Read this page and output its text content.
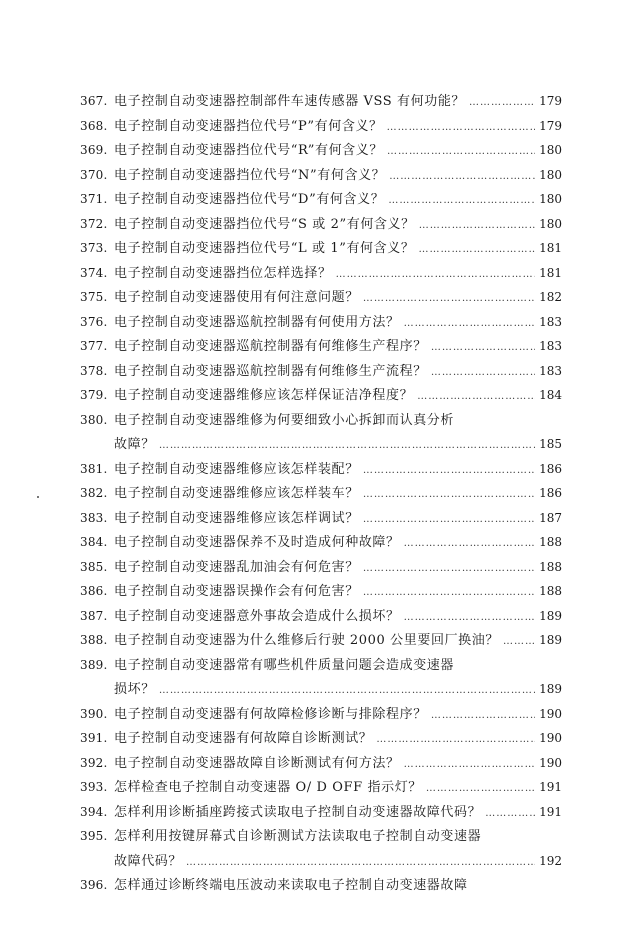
367. 电子控制自动变速器控制部件车速传感器 VSS 有何功能？ ………………………………………………………………………………………………………………………………	179
368. 电子控制自动变速器挡位代号“P”有何含义？ ………………………………………………………………………………………………………………………………	179
369. 电子控制自动变速器挡位代号“R”有何含义？ ………………………………………………………………………………………………………………………………	180
370. 电子控制自动变速器挡位代号“N”有何含义？ ………………………………………………………………………………………………………………………………	180
371. 电子控制自动变速器挡位代号“D”有何含义？ ………………………………………………………………………………………………………………………………	180
372. 电子控制自动变速器挡位代号“S 或 2”有何含义？ ………………………………………………………………………………………………………………………………	180
373. 电子控制自动变速器挡位代号“L 或 1”有何含义？ ………………………………………………………………………………………………………………………………	181
374. 电子控制自动变速器挡位怎样选择？ ………………………………………………………………………………………………………………………………	181
375. 电子控制自动变速器使用有何注意问题？ ………………………………………………………………………………………………………………………………	182
376. 电子控制自动变速器巡航控制器有何使用方法？ ………………………………………………………………………………………………………………………………	183
377. 电子控制自动变速器巡航控制器有何维修生产程序？ ………………………………………………………………………………………………………………………………	183
378. 电子控制自动变速器巡航控制器有何维修生产流程？ ………………………………………………………………………………………………………………………………	183
379. 电子控制自动变速器维修应该怎样保证洁净程度？ ………………………………………………………………………………………………………………………………	184
380. 电子控制自动变速器维修为何要细致小心拆卸而认真分析
故障？ ………………………………………………………………………………………………………………………………	185
381. 电子控制自动变速器维修应该怎样装配？ ………………………………………………………………………………………………………………………………	186
382. 电子控制自动变速器维修应该怎样装车？ ………………………………………………………………………………………………………………………………	186
383. 电子控制自动变速器维修应该怎样调试？ ………………………………………………………………………………………………………………………………	187
384. 电子控制自动变速器保养不及时造成何种故障？ ………………………………………………………………………………………………………………………………	188
385. 电子控制自动变速器乱加油会有何危害？ ………………………………………………………………………………………………………………………………	188
386. 电子控制自动变速器误操作会有何危害？ ………………………………………………………………………………………………………………………………	188
387. 电子控制自动变速器意外事故会造成什么损坏？ ………………………………………………………………………………………………………………………………	189
388. 电子控制自动变速器为什么维修后行驶 2000 公里要回厂换油？ ………………………………………………………………………………………………………………………………	189
389. 电子控制自动变速器常有哪些机件质量问题会造成变速器
损坏？ ………………………………………………………………………………………………………………………………	189
390. 电子控制自动变速器有何故障检修诊断与排除程序？ ………………………………………………………………………………………………………………………………	190
391. 电子控制自动变速器有何故障自诊断测试？ ………………………………………………………………………………………………………………………………	190
392. 电子控制自动变速器故障自诊断测试有何方法？ ………………………………………………………………………………………………………………………………	190
393. 怎样检查电子控制自动变速器 O/ D OFF 指示灯？ ………………………………………………………………………………………………………………………………	191
394. 怎样利用诊断插座跨接式读取电子控制自动变速器故障代码？ ………………………………………………………………………………………………………………………………	191
395. 怎样利用按键屏幕式自诊断测试方法读取电子控制自动变速器
故障代码？ ………………………………………………………………………………………………………………………………	192
396. 怎样通过诊断终端电压波动来读取电子控制自动变速器故障
